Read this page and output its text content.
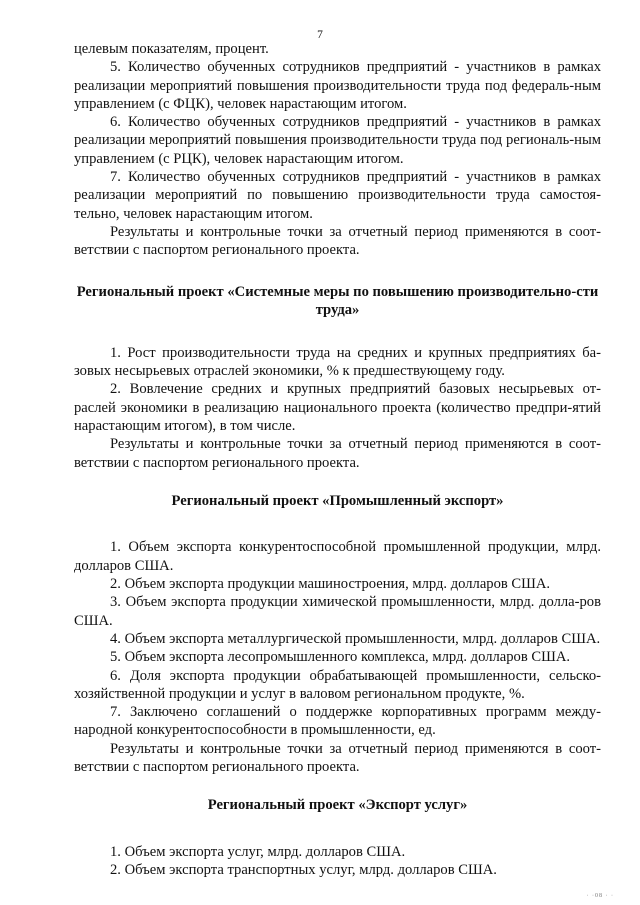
7

целевым показателям, процент.

5. Количество обученных сотрудников предприятий - участников в рамках реализации мероприятий повышения производительности труда под федераль-ным управлением (с ФЦК), человек нарастающим итогом.

6. Количество обученных сотрудников предприятий - участников в рамках реализации мероприятий повышения производительности труда под региональ-ным управлением (с РЦК), человек нарастающим итогом.

7. Количество обученных сотрудников предприятий - участников в рамках реализации мероприятий по повышению производительности труда самостоя-тельно, человек нарастающим итогом.

Результаты и контрольные точки за отчетный период применяются в соот-ветствии с паспортом регионального проекта.

Региональный проект «Системные меры по повышению производительно-сти труда»

1. Рост производительности труда на средних и крупных предприятиях ба-зовых несырьевых отраслей экономики, % к предшествующему году.

2. Вовлечение средних и крупных предприятий базовых несырьевых от-раслей экономики в реализацию национального проекта (количество предпри-ятий нарастающим итогом), в том числе.

Результаты и контрольные точки за отчетный период применяются в соот-ветствии с паспортом регионального проекта.

Региональный проект «Промышленный экспорт»

1. Объем экспорта конкурентоспособной промышленной продукции, млрд. долларов США.

2. Объем экспорта продукции машиностроения, млрд. долларов США.

3. Объем экспорта продукции химической промышленности, млрд. долла-ров США.

4. Объем экспорта металлургической промышленности, млрд. долларов США.

5. Объем экспорта лесопромышленного комплекса, млрд. долларов США.

6. Доля экспорта продукции обрабатывающей промышленности, сельско-хозяйственной продукции и услуг в валовом региональном продукте, %.

7. Заключено соглашений о поддержке корпоративных программ между-народной конкурентоспособности в промышленности, ед.

Результаты и контрольные точки за отчетный период применяются в соот-ветствии с паспортом регионального проекта.

Региональный проект «Экспорт услуг»

1. Объем экспорта услуг, млрд. долларов США.

2. Объем экспорта транспортных услуг, млрд. долларов США.

· ·08 · ·
